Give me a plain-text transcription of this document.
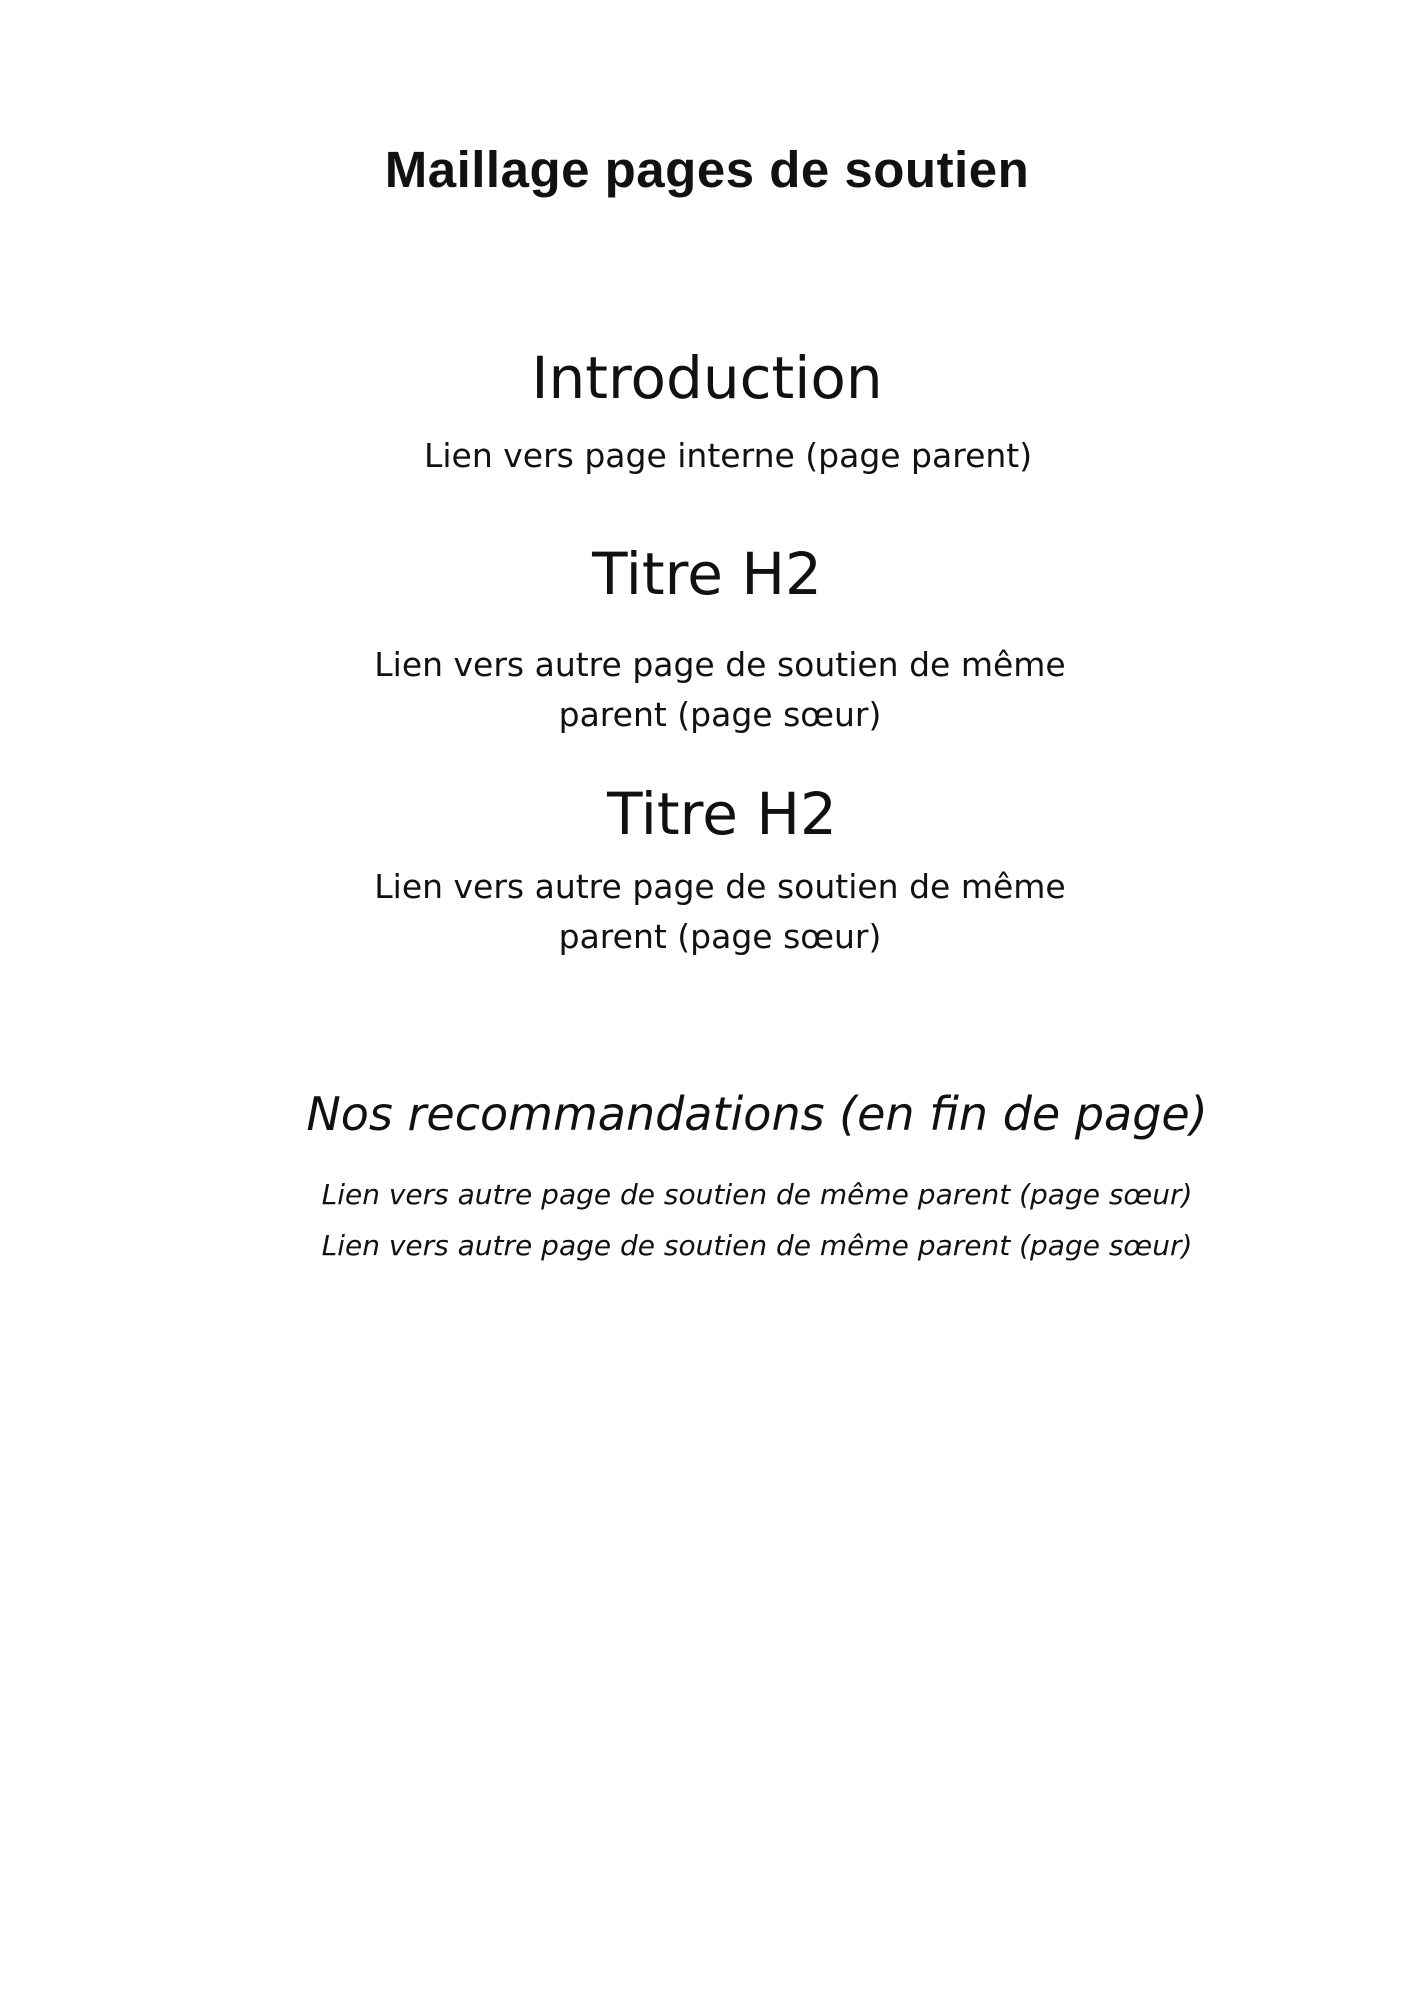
Maillage pages de soutien
Introduction
Lien vers page interne (page parent)
Titre H2
Lien vers autre page de soutien de même parent (page sœur)
Titre H2
Lien vers autre page de soutien de même parent (page sœur)
Nos recommandations (en fin de page)
Lien vers autre page de soutien de même parent (page sœur)
Lien vers autre page de soutien de même parent (page sœur)
